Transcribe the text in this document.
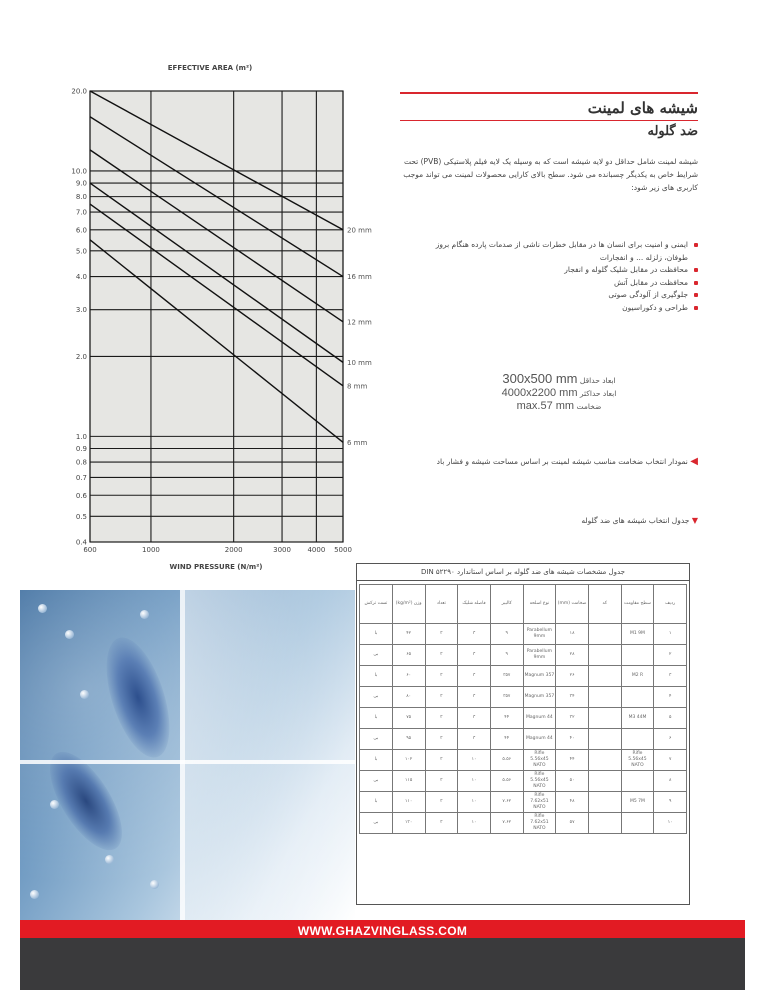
EFFECTIVE AREA (m²)
20.0
10.0
9.0
8.0
7.0
6.0
5.0
4.0
3.0
2.0
1.0
0.9
0.8
0.7
0.6
0.5
0.4
600	1000	2000	3000 4000 5000
20 mm
16 mm
12 mm
10 mm
8 mm
6 mm
WIND PRESSURE (N/m²)
شیشه های لمینت
ضد گلوله

شیشه لمینت شامل حداقل دو لایه شیشه است که به وسیله یک لایه فیلم پلاستیکی (PVB) تحت شرایط خاص به یکدیگر چسبانده می شود. سطح بالای کارایی محصولات لمینت می تواند موجب کاربری های زیر شود:

ایمنی و امنیت برای انسان ها در مقابل خطرات ناشی از صدمات پارده هنگام بروز طوفان، زلزله ... و انفجارات
محافظت در مقابل شلیک گلوله و انفجار
محافظت در مقابل آتش
جلوگیری از آلودگی صوتی
طراحی و دکوراسیون
ابعاد حداقل 300x500 mm
ابعاد حداکثر 4000x2200 mm
ضخامت max.57 mm
◀ نمودار انتخاب ضخامت مناسب شیشه لمینت بر اساس مساحت شیشه و فشار باد
▼ جدول انتخاب شیشه های ضد گلوله
جدول مشخصات شیشه های ضد گلوله بر اساس استاندارد DIN ۵۲۲۹۰
ردیف	سطح مقاومت	کد	ضخامت (mm)	نوع اسلحه	کالیبر	فاصله شلیک	تعداد	وزن (kg/m²)	تست ترکش
۱	M1 9M		۱۸	Parabellum 9mm	۹	۳	۳	۴۲	با
۲			۲۸	Parabellum 9mm	۹	۳	۳	۶۵	بی
۳	M2 R		۲۶	Magnum 357	۳۵۷	۳	۳	۶۰	با
۴			۳۴	Magnum 357	۳۵۷	۳	۳	۸۰	بی
۵	M3 44M		۳۲	Magnum 44	۴۴	۳	۳	۷۵	با
۶			۴۰	Magnum 44	۴۴	۳	۳	۹۵	بی
۷	Rifle 5.56x45 NATO		۴۴	Rifle 5.56x45 NATO	۵.۵۶	۱۰	۳	۱۰۲	با
۸			۵۰	Rifle 5.56x45 NATO	۵.۵۶	۱۰	۳	۱۱۵	بی
۹	M5 7M		۴۸	Rifle 7.62x51 NATO	۷.۶۲	۱۰	۳	۱۱۰	با
۱۰			۵۷	Rifle 7.62x51 NATO	۷.۶۲	۱۰	۳	۱۳۰	بی
WWW.GHAZVINGLASS.COM
